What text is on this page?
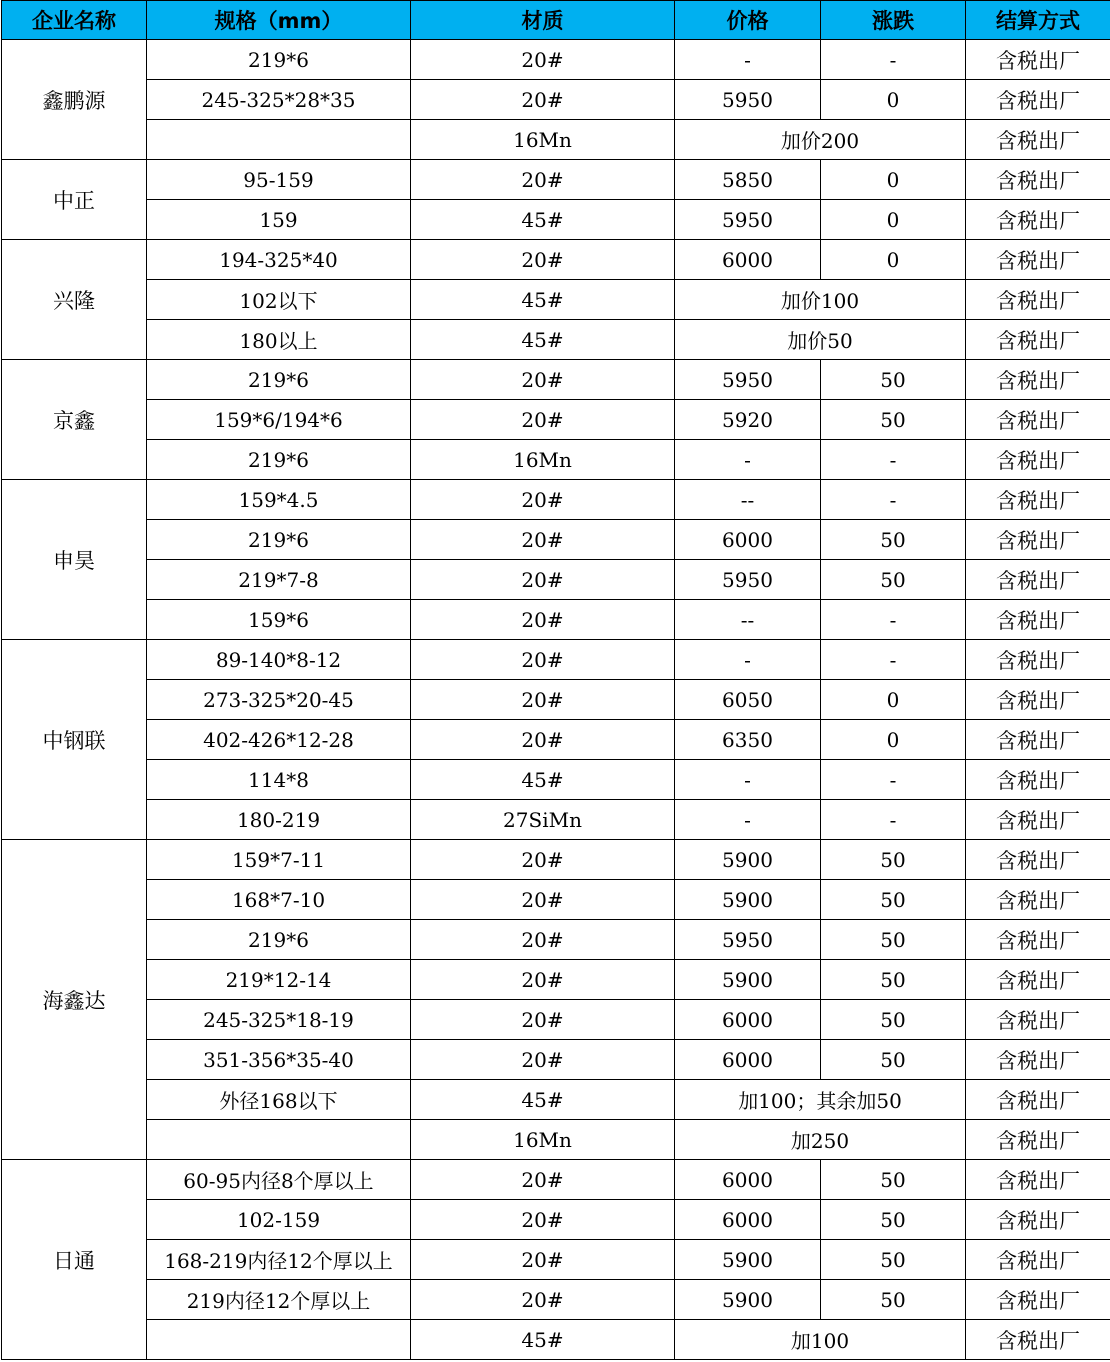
企业名称	规格（mm）	材质	价格	涨跌	结算方式
鑫鹏源	219*6	20#	-	-	含税出厂
	245-325*28*35	20#	5950	0	含税出厂
		16Mn	加价200		含税出厂
中正	95-159	20#	5850	0	含税出厂
	159	45#	5950	0	含税出厂
兴隆	194-325*40	20#	6000	0	含税出厂
	102以下	45#	加价100		含税出厂
	180以上	45#	加价50		含税出厂
京鑫	219*6	20#	5950	50	含税出厂
	159*6/194*6	20#	5920	50	含税出厂
	219*6	16Mn	-	-	含税出厂
申昊	159*4.5	20#	--	-	含税出厂
	219*6	20#	6000	50	含税出厂
	219*7-8	20#	5950	50	含税出厂
	159*6	20#	--	-	含税出厂
中钢联	89-140*8-12	20#	-	-	含税出厂
	273-325*20-45	20#	6050	0	含税出厂
	402-426*12-28	20#	6350	0	含税出厂
	114*8	45#	-	-	含税出厂
	180-219	27SiMn	-	-	含税出厂
海鑫达	159*7-11	20#	5900	50	含税出厂
	168*7-10	20#	5900	50	含税出厂
	219*6	20#	5950	50	含税出厂
	219*12-14	20#	5900	50	含税出厂
	245-325*18-19	20#	6000	50	含税出厂
	351-356*35-40	20#	6000	50	含税出厂
	外径168以下	45#	加100；其余加50		含税出厂
		16Mn	加250		含税出厂
日通	60-95内径8个厚以上	20#	6000	50	含税出厂
	102-159	20#	6000	50	含税出厂
	168-219内径12个厚以上	20#	5900	50	含税出厂
	219内径12个厚以上	20#	5900	50	含税出厂
		45#	加100		含税出厂
